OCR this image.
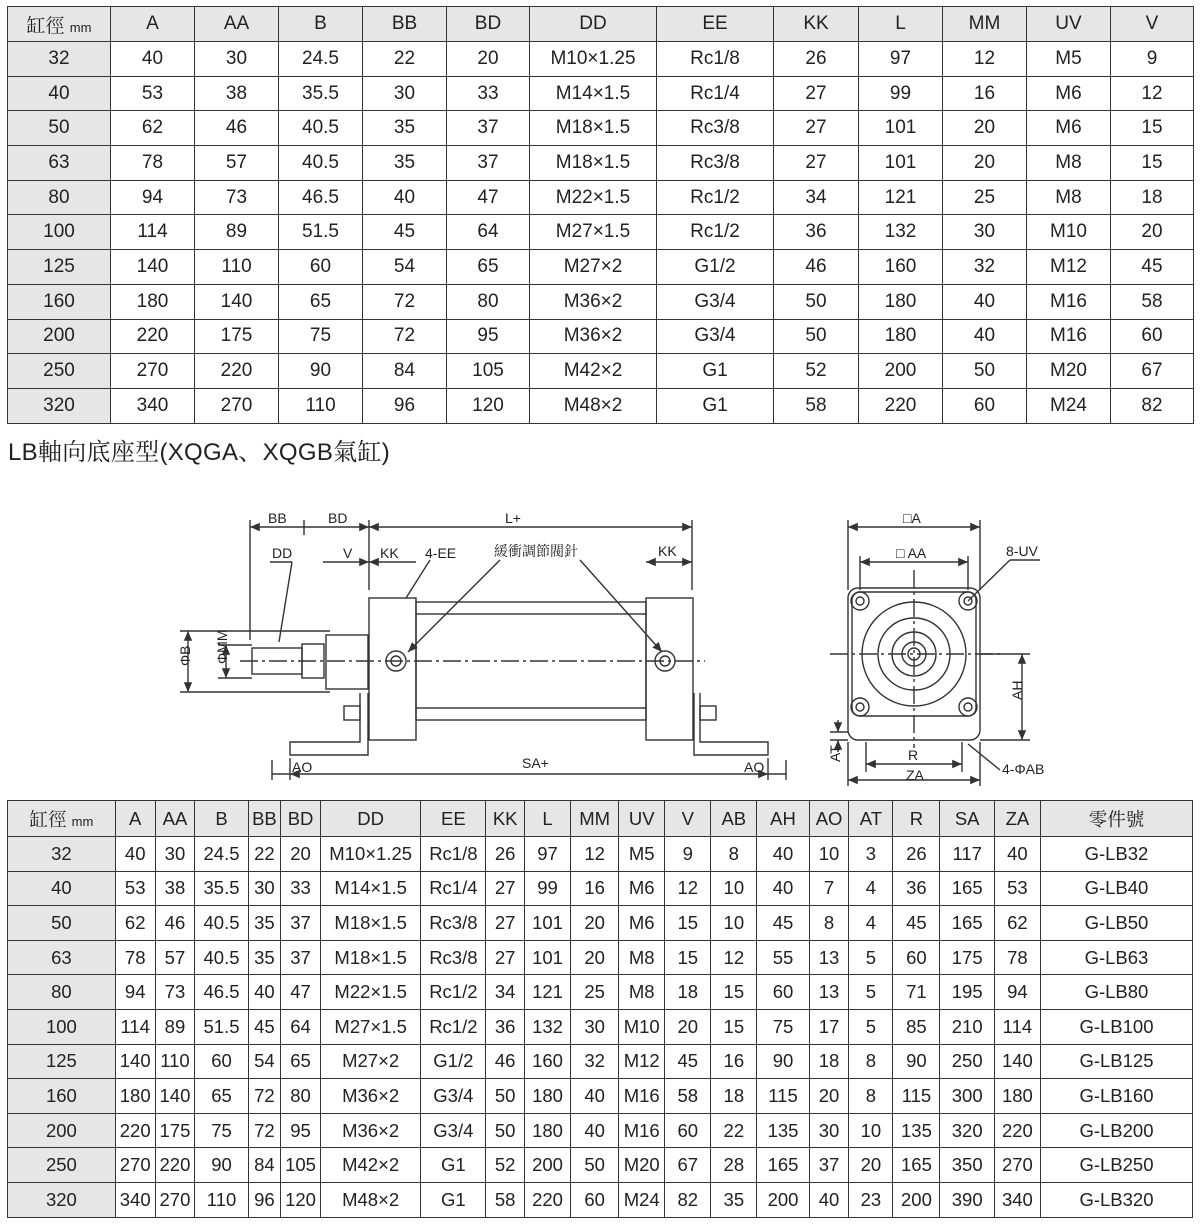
缸徑 mm	A	AA	B	BB	BD	DD	EE	KK	L	MM	UV	V
32	40	30	24.5	22	20	M10×1.25	Rc1/8	26	97	12	M5	9
40	53	38	35.5	30	33	M14×1.5	Rc1/4	27	99	16	M6	12
50	62	46	40.5	35	37	M18×1.5	Rc3/8	27	101	20	M6	15
63	78	57	40.5	35	37	M18×1.5	Rc3/8	27	101	20	M8	15
80	94	73	46.5	40	47	M22×1.5	Rc1/2	34	121	25	M8	18
100	114	89	51.5	45	64	M27×1.5	Rc1/2	36	132	30	M10	20
125	140	110	60	54	65	M27×2	G1/2	46	160	32	M12	45
160	180	140	65	72	80	M36×2	G3/4	50	180	40	M16	58
200	220	175	75	72	95	M36×2	G3/4	50	180	40	M16	60
250	270	220	90	84	105	M42×2	G1	52	200	50	M20	67
320	340	270	110	96	120	M48×2	G1	58	220	60	M24	82
LB軸向底座型(XQGA、XQGB氣缸)
BB	BD	L+
DD	V KK 4-EE	緩衝調節閥針	KK
ΦB ΦMM
AO	SA+	AO
□A
□ AA	8-UV
AH
AT	R
ZA	4-ΦAB
缸徑 mm	A	AA	B	BB	BD	DD	EE	KK	L	MM	UV	V	AB	AH	AO	AT	R	SA	ZA	零件號
32	40	30	24.5	22	20	M10×1.25	Rc1/8	26	97	12	M5	9	8	40	10	3	26	117	40	G-LB32
40	53	38	35.5	30	33	M14×1.5	Rc1/4	27	99	16	M6	12	10	40	7	4	36	165	53	G-LB40
50	62	46	40.5	35	37	M18×1.5	Rc3/8	27	101	20	M6	15	10	45	8	4	45	165	62	G-LB50
63	78	57	40.5	35	37	M18×1.5	Rc3/8	27	101	20	M8	15	12	55	13	5	60	175	78	G-LB63
80	94	73	46.5	40	47	M22×1.5	Rc1/2	34	121	25	M8	18	15	60	13	5	71	195	94	G-LB80
100	114	89	51.5	45	64	M27×1.5	Rc1/2	36	132	30	M10	20	15	75	17	5	85	210	114	G-LB100
125	140	110	60	54	65	M27×2	G1/2	46	160	32	M12	45	16	90	18	8	90	250	140	G-LB125
160	180	140	65	72	80	M36×2	G3/4	50	180	40	M16	58	18	115	20	8	115	300	180	G-LB160
200	220	175	75	72	95	M36×2	G3/4	50	180	40	M16	60	22	135	30	10	135	320	220	G-LB200
250	270	220	90	84	105	M42×2	G1	52	200	50	M20	67	28	165	37	20	165	350	270	G-LB250
320	340	270	110	96	120	M48×2	G1	58	220	60	M24	82	35	200	40	23	200	390	340	G-LB320
